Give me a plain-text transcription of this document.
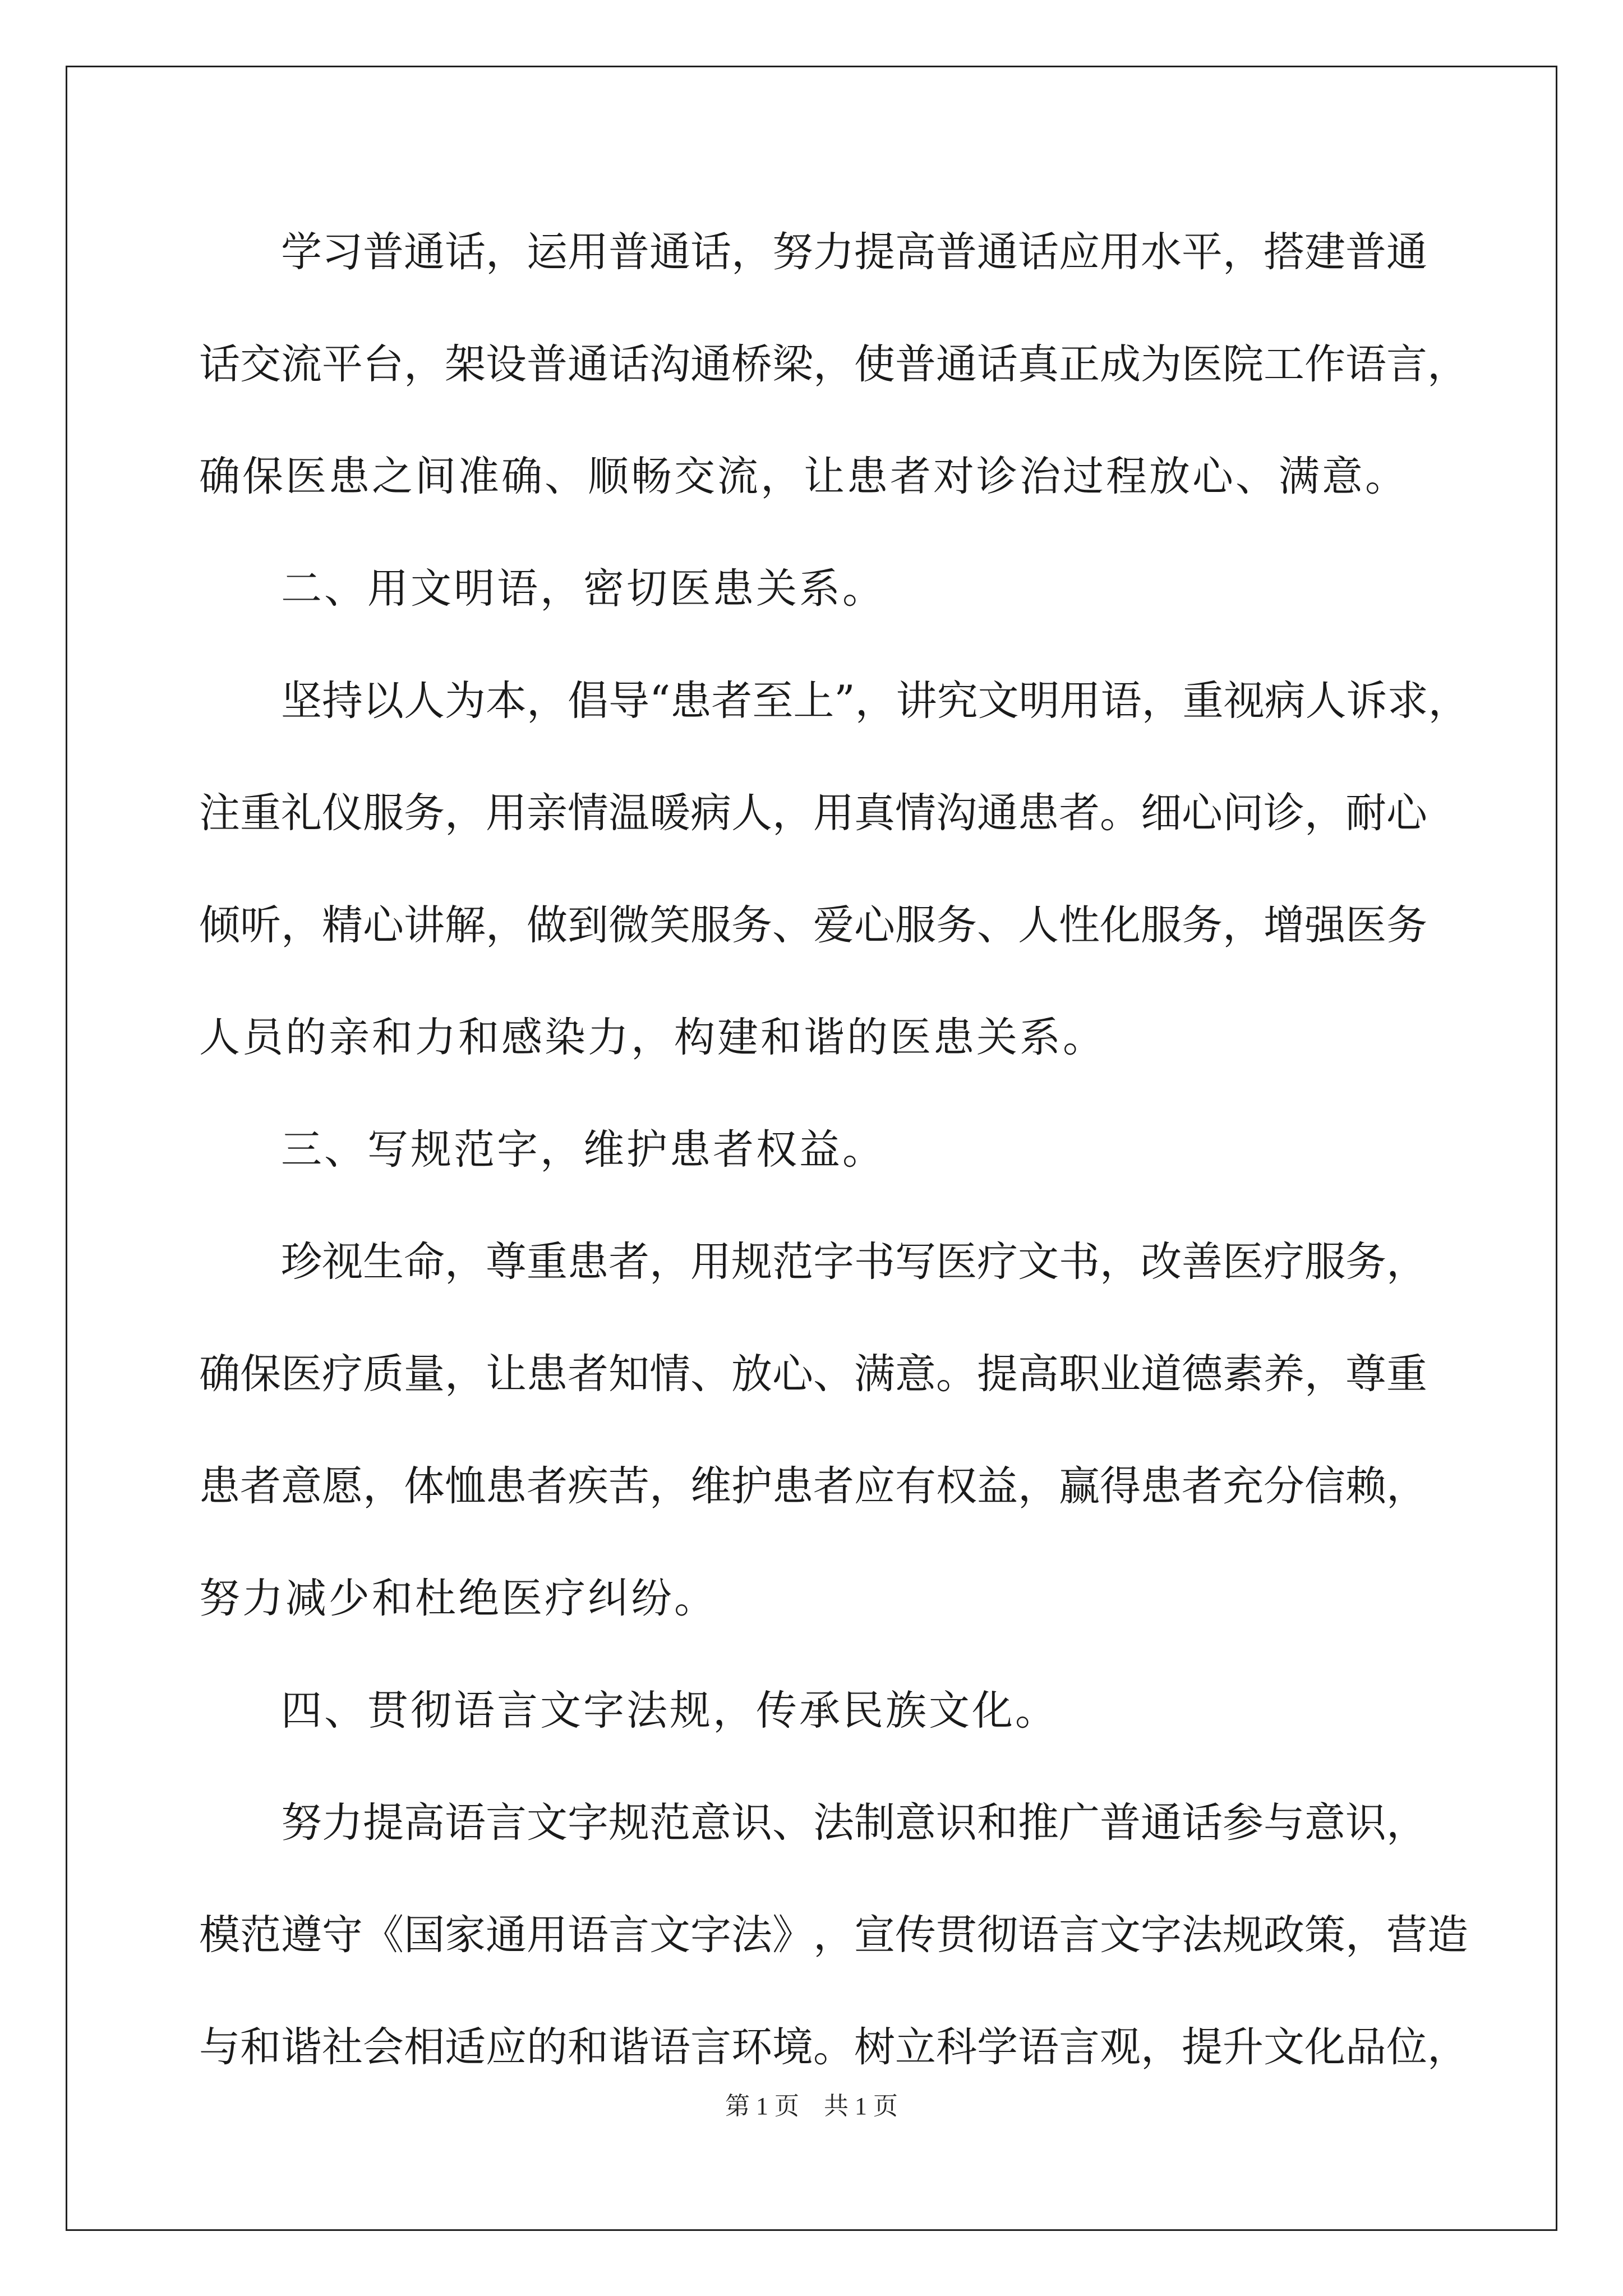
学 习 普 通 话 ， 运 用 普 通 话 ， 努 力 提 高 普 通 话 应 用 水 平 ， 搭 建 普 通
话 交 流 平 台 ， 架 设 普 通 话 沟 通 桥 梁 ， 使 普 通 话 真 正 成 为 医 院 工 作 语 言 ，
确保医患之间准确、顺畅交流，让患者对诊治过程放心、满意。
二、用文明语，密切医患关系。
坚 持 以 人 为 本 ， 倡 导 “ 患 者 至 上 ” ， 讲 究 文 明 用 语 ， 重 视 病 人 诉 求 ，
注 重 礼 仪 服 务 ， 用 亲 情 温 暖 病 人 ， 用 真 情 沟 通 患 者 。 细 心 问 诊 ， 耐 心
倾 听 ， 精 心 讲 解 ， 做 到 微 笑 服 务 、 爱 心 服 务 、 人 性 化 服 务 ， 增 强 医 务
人员的亲和力和感染力，构建和谐的医患关系。
三、写规范字，维护患者权益。
珍 视 生 命 ， 尊 重 患 者 ， 用 规 范 字 书 写 医 疗 文 书 ， 改 善 医 疗 服 务 ，
确 保 医 疗 质 量 ， 让 患 者 知 情 、 放 心 、 满 意 。 提 高 职 业 道 德 素 养 ， 尊 重
患 者 意 愿 ， 体 恤 患 者 疾 苦 ， 维 护 患 者 应 有 权 益 ， 赢 得 患 者 充 分 信 赖 ，
努力减少和杜绝医疗纠纷。
四、贯彻语言文字法规，传承民族文化。
努 力 提 高 语 言 文 字 规 范 意 识 、 法 制 意 识 和 推 广 普 通 话 参 与 意 识 ，
模 范 遵 守 《 国 家 通 用 语 言 文 字 法 》 ， 宣 传 贯 彻 语 言 文 字 法 规 政 策 ， 营 造
与 和 谐 社 会 相 适 应 的 和 谐 语 言 环 境 。 树 立 科 学 语 言 观 ， 提 升 文 化 品 位 ，
第 1 页    共 1 页
